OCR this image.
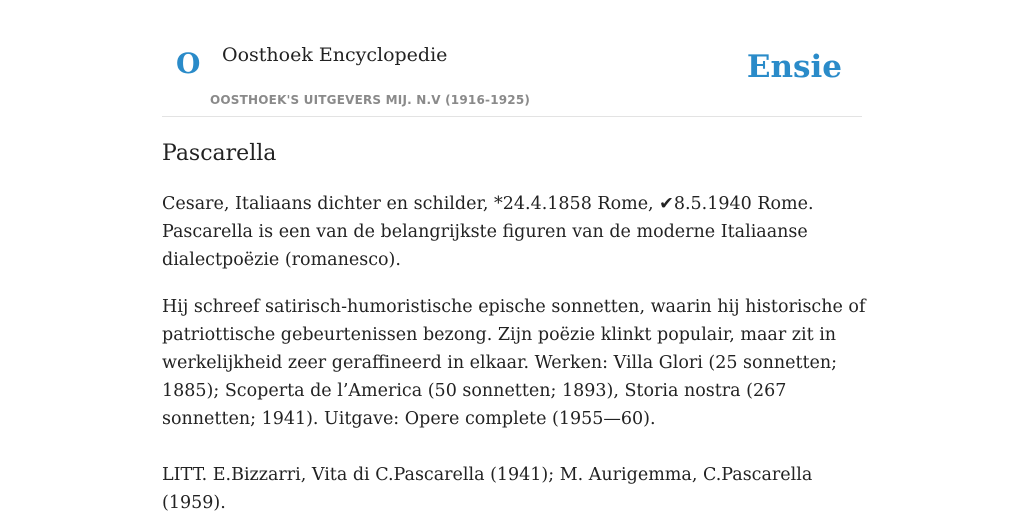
O Oosthoek Encyclopedie
OOSTHOEK'S UITGEVERS MIJ. N.V (1916-1925)
Ensie
Pascarella

Cesare, Italiaans dichter en schilder, *24.4.1858 Rome, ✔8.5.1940 Rome. Pascarella is een van de belangrijkste figuren van de moderne Italiaanse dialectpoëzie (romanesco).

Hij schreef satirisch-humoristische epische sonnetten, waarin hij historische of patriottische gebeurtenissen bezong. Zijn poëzie klinkt populair, maar zit in werkelijkheid zeer geraffineerd in elkaar. Werken: Villa Glori (25 sonnetten; 1885); Scoperta de l’America (50 sonnetten; 1893), Storia nostra (267 sonnetten; 1941). Uitgave: Opere complete (1955—60).

LITT. E.Bizzarri, Vita di C.Pascarella (1941); M. Aurigemma, C.Pascarella (1959).
